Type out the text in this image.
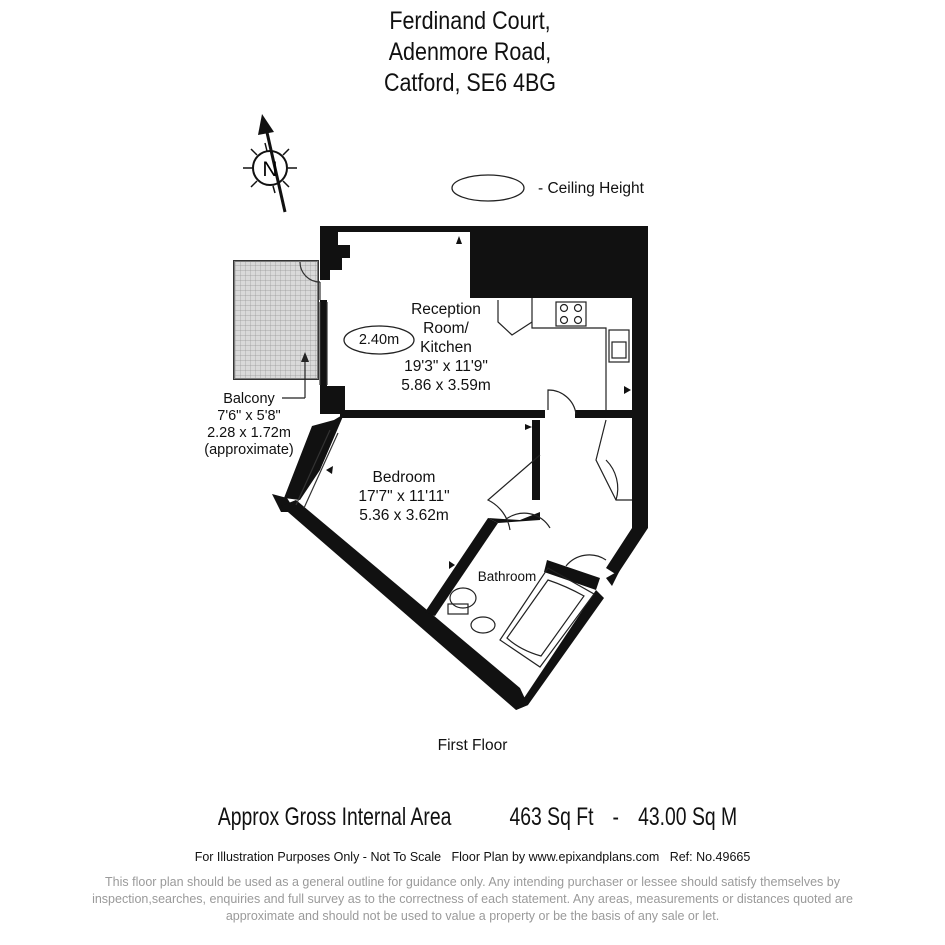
Ferdinand Court,
Adenmore Road,
Catford, SE6 4BG
N
- Ceiling Height
Reception
Room/
Kitchen
19'3" x 11'9"
5.86 x 3.59m
2.40m
Balcony
7'6" x 5'8"
2.28 x 1.72m
(approximate)
Bedroom
17'7" x 11'11"
5.36 x 3.62m
Bathroom
First Floor
Approx Gross Internal Area 463 Sq Ft - 43.00 Sq M
For Illustration Purposes Only - Not To Scale Floor Plan by www.epixandplans.com Ref: No.49665
This floor plan should be used as a general outline for guidance only. Any intending purchaser or lessee should satisfy themselves by inspection,searches, enquiries and full survey as to the correctness of each statement. Any areas, measurements or distances quoted are approximate and should not be used to value a property or be the basis of any sale or let.
